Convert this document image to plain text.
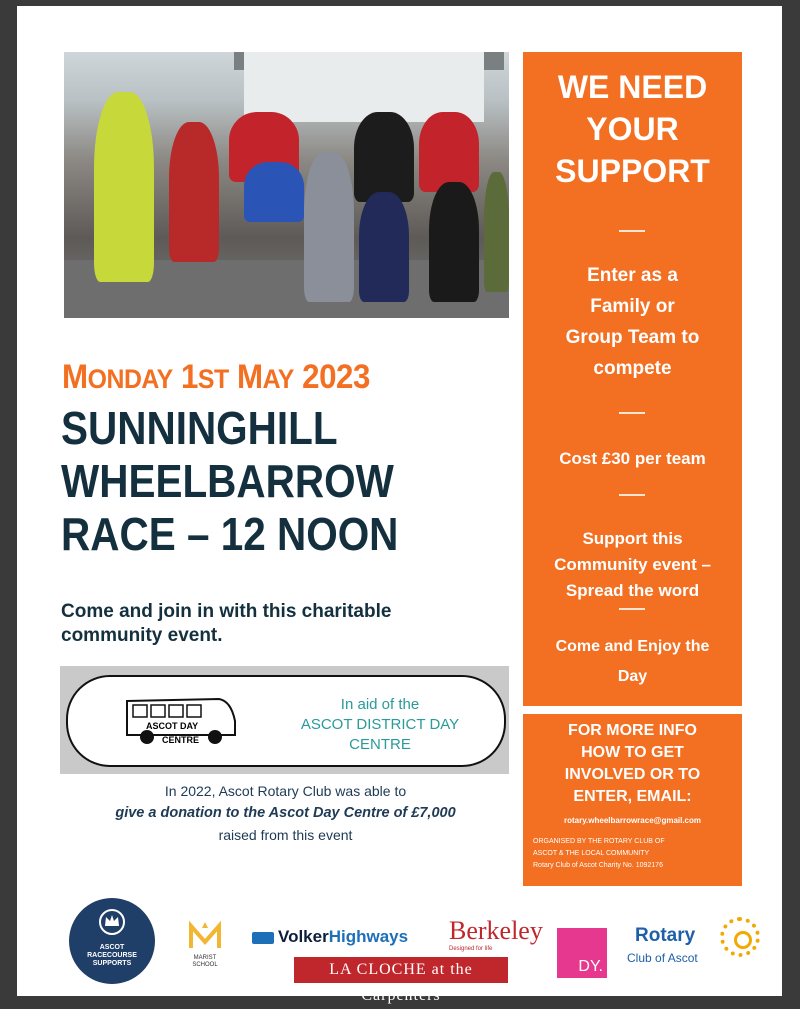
MONDAY 1ST MAY 2023
SUNNINGHILL
WHEELBARROW
RACE – 12 NOON
Come and join in with this charitable community event.
ASCOT DAY
CENTRE
In aid of the
ASCOT DISTRICT DAY
CENTRE
In 2022, Ascot Rotary Club was able to
give a donation to the Ascot Day Centre of £7,000
raised from this event
WE NEED
YOUR
SUPPORT
Enter as a
Family or
Group Team to
compete
Cost £30 per team
Support this
Community event –
Spread the word
Come and Enjoy the
Day
FOR MORE INFO
HOW TO GET
INVOLVED OR TO
ENTER, EMAIL:
rotary.wheelbarrowrace@gmail.com
ORGANISED BY THE ROTARY CLUB OF
ASCOT & THE LOCAL COMMUNITY
Rotary Club of Ascot Charity No. 1092176
ASCOT
RACECOURSE
SUPPORTS
MARIST
SCHOOL
VolkerHighways Berkeley
Designed for life
LA CLOCHE at the Carpenters
DY.
Rotary
Club of Ascot
